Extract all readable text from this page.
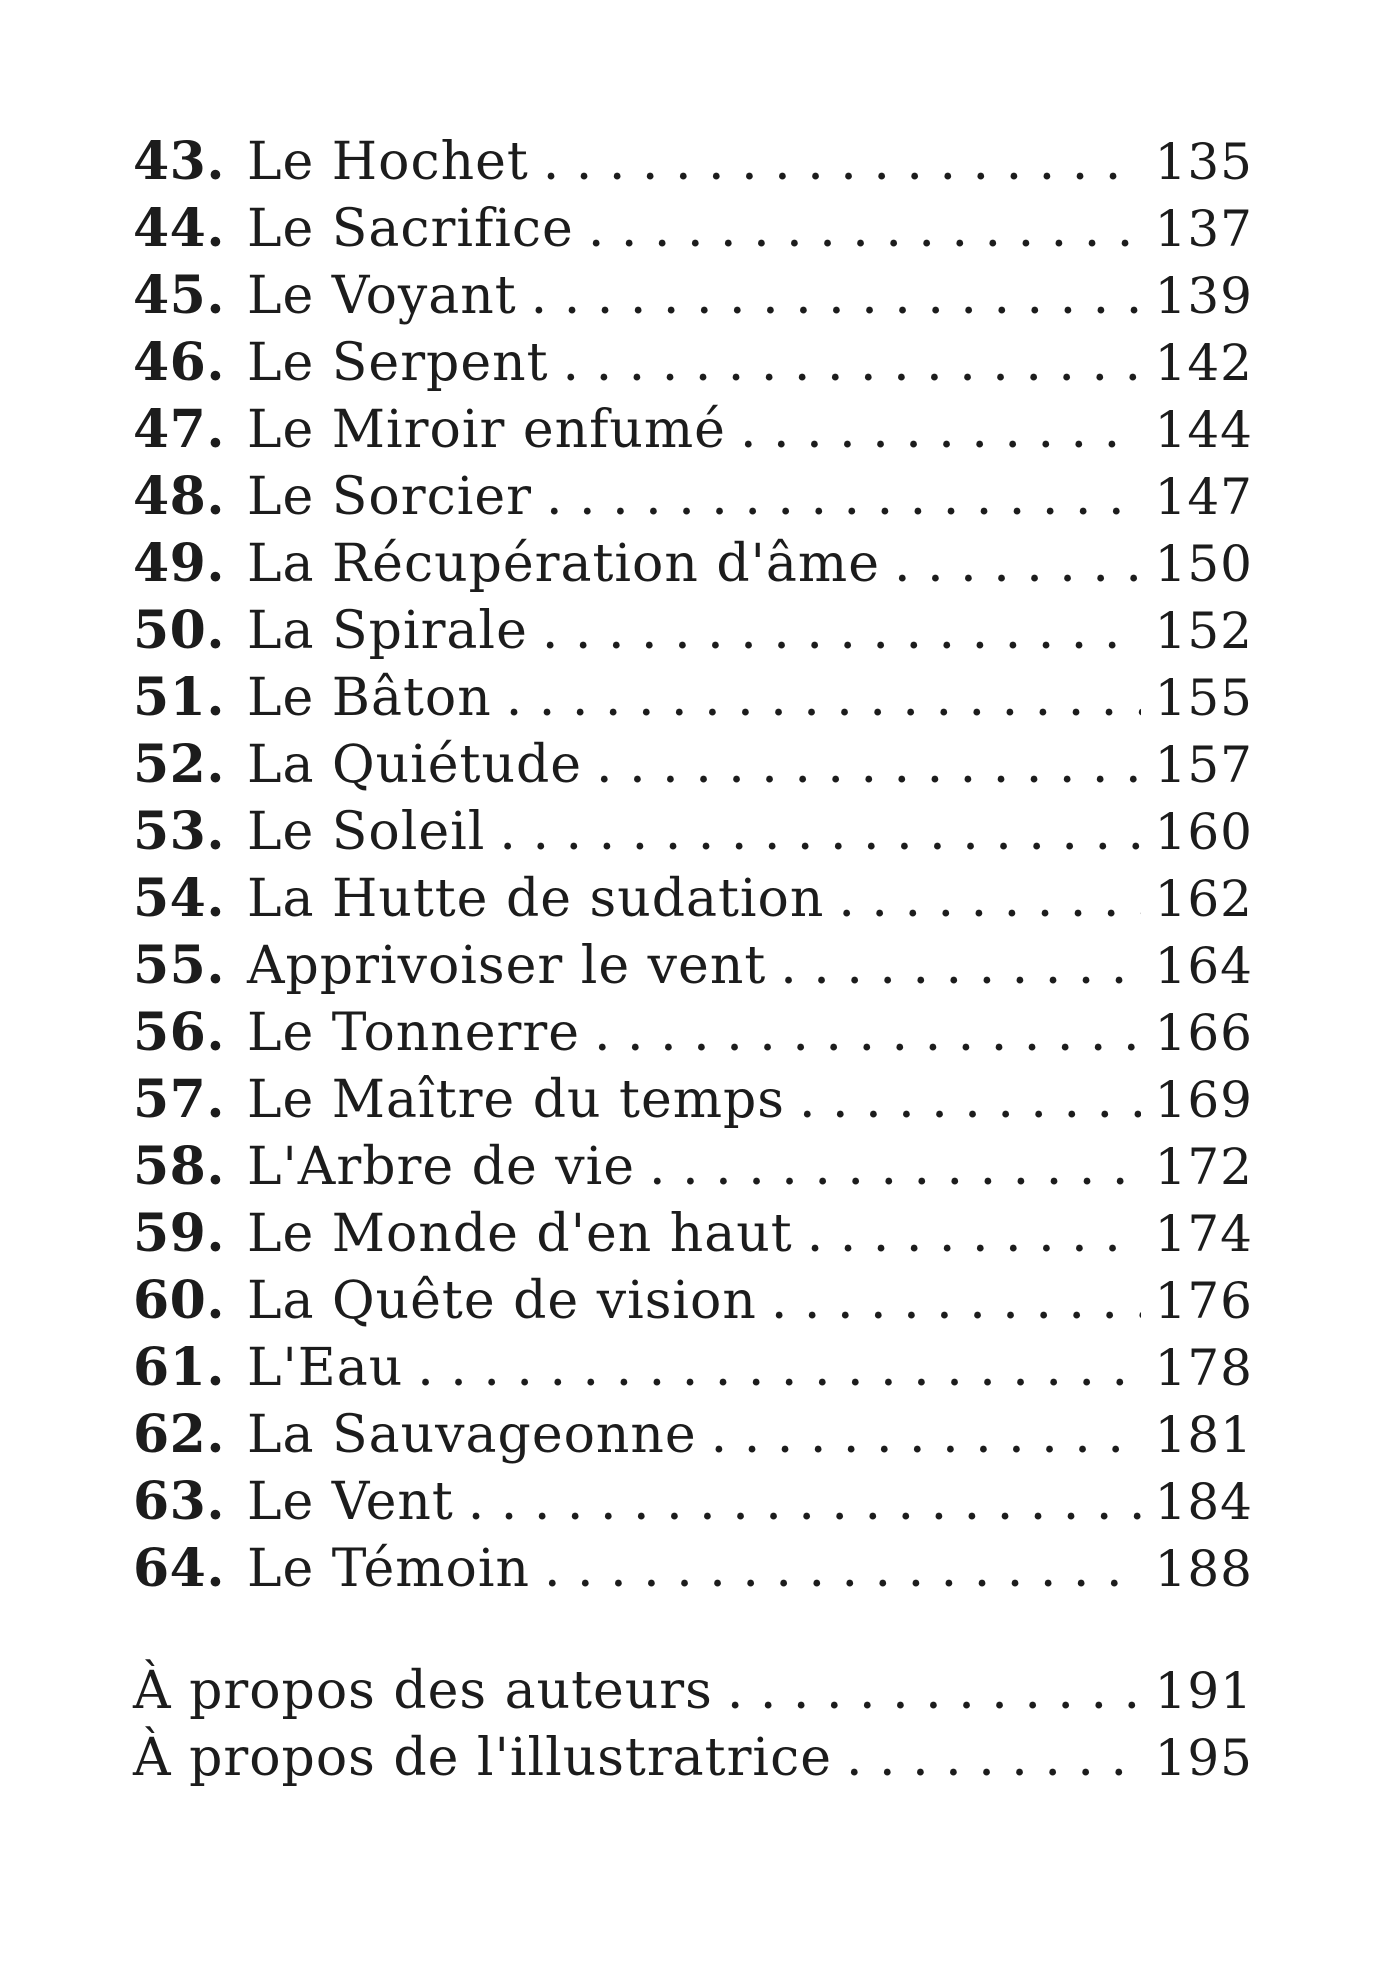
43. Le Hochet . . .	135
44. Le Sacrifice . . .	137
45. Le Voyant . . .	139
46. Le Serpent . . .	142
47. Le Miroir enfumé . . .	144
48. Le Sorcier . . .	147
49. La Récupération d'âme . . .	150
50. La Spirale . . .	152
51. Le Bâton . . .	155
52. La Quiétude . . .	157
53. Le Soleil . . .	160
54. La Hutte de sudation . . .	162
55. Apprivoiser le vent . . .	164
56. Le Tonnerre . . .	166
57. Le Maître du temps . . .	169
58. L'Arbre de vie . . .	172
59. Le Monde d'en haut . . .	174
60. La Quête de vision . . .	176
61. L'Eau . . .	178
62. La Sauvageonne . . .	181
63. Le Vent . . .	184
64. Le Témoin . . .	188
À propos des auteurs . . .	191
À propos de l'illustratrice . . .	195
